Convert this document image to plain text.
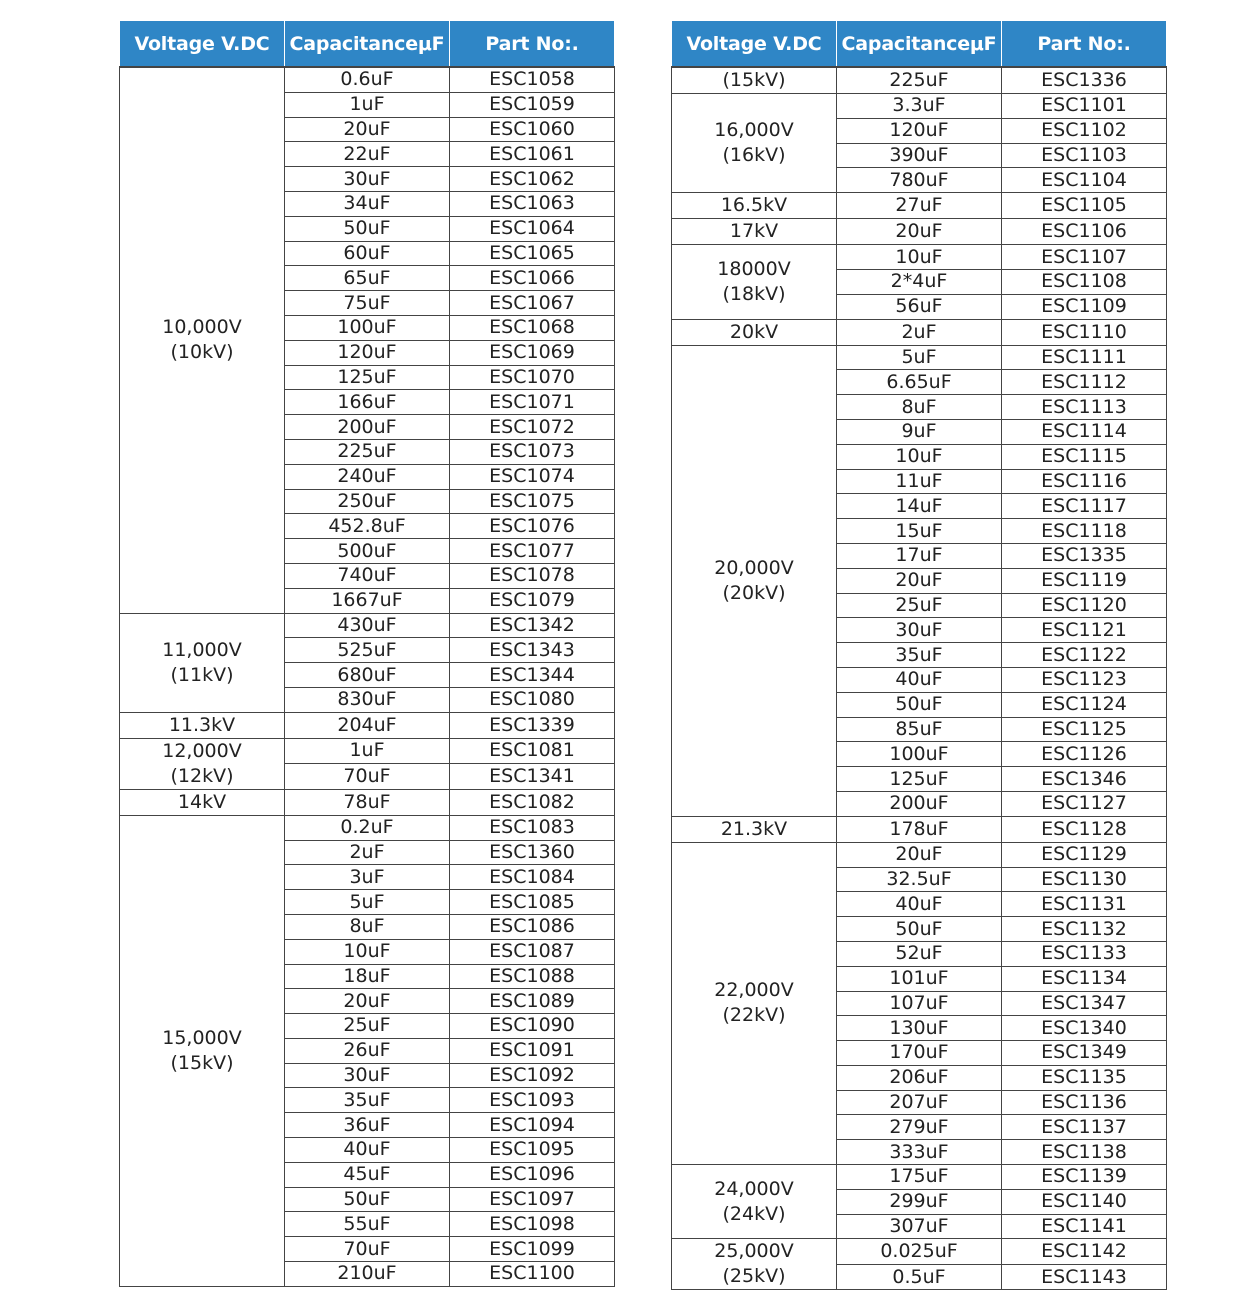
Voltage V.DC	CapacitanceμF	Part No:.

10,000V
(10kV)	0.6uF	ESC1058
	1uF	ESC1059
	20uF	ESC1060
	22uF	ESC1061
	30uF	ESC1062
	34uF	ESC1063
	50uF	ESC1064
	60uF	ESC1065
	65uF	ESC1066
	75uF	ESC1067
	100uF	ESC1068
	120uF	ESC1069
	125uF	ESC1070
	166uF	ESC1071
	200uF	ESC1072
	225uF	ESC1073
	240uF	ESC1074
	250uF	ESC1075
	452.8uF	ESC1076
	500uF	ESC1077
	740uF	ESC1078
	1667uF	ESC1079

11,000V
(11kV)	430uF	ESC1342
	525uF	ESC1343
	680uF	ESC1344
	830uF	ESC1080

11.3kV	204uF	ESC1339

12,000V
(12kV)	1uF	ESC1081
	70uF	ESC1341

14kV	78uF	ESC1082

15,000V
(15kV)	0.2uF	ESC1083
	2uF	ESC1360
	3uF	ESC1084
	5uF	ESC1085
	8uF	ESC1086
	10uF	ESC1087
	18uF	ESC1088
	20uF	ESC1089
	25uF	ESC1090
	26uF	ESC1091
	30uF	ESC1092
	35uF	ESC1093
	36uF	ESC1094
	40uF	ESC1095
	45uF	ESC1096
	50uF	ESC1097
	55uF	ESC1098
	70uF	ESC1099
	210uF	ESC1100
Voltage V.DC	CapacitanceμF	Part No:.

(15kV)	225uF	ESC1336

16,000V
(16kV)	3.3uF	ESC1101
	120uF	ESC1102
	390uF	ESC1103
	780uF	ESC1104

16.5kV	27uF	ESC1105

17kV	20uF	ESC1106

18000V
(18kV)	10uF	ESC1107
	2*4uF	ESC1108
	56uF	ESC1109

20kV	2uF	ESC1110

20,000V
(20kV)	5uF	ESC1111
	6.65uF	ESC1112
	8uF	ESC1113
	9uF	ESC1114
	10uF	ESC1115
	11uF	ESC1116
	14uF	ESC1117
	15uF	ESC1118
	17uF	ESC1335
	20uF	ESC1119
	25uF	ESC1120
	30uF	ESC1121
	35uF	ESC1122
	40uF	ESC1123
	50uF	ESC1124
	85uF	ESC1125
	100uF	ESC1126
	125uF	ESC1346
	200uF	ESC1127

21.3kV	178uF	ESC1128

22,000V
(22kV)	20uF	ESC1129
	32.5uF	ESC1130
	40uF	ESC1131
	50uF	ESC1132
	52uF	ESC1133
	101uF	ESC1134
	107uF	ESC1347
	130uF	ESC1340
	170uF	ESC1349
	206uF	ESC1135
	207uF	ESC1136
	279uF	ESC1137
	333uF	ESC1138

24,000V
(24kV)	175uF	ESC1139
	299uF	ESC1140
	307uF	ESC1141

25,000V
(25kV)	0.025uF	ESC1142
	0.5uF	ESC1143
